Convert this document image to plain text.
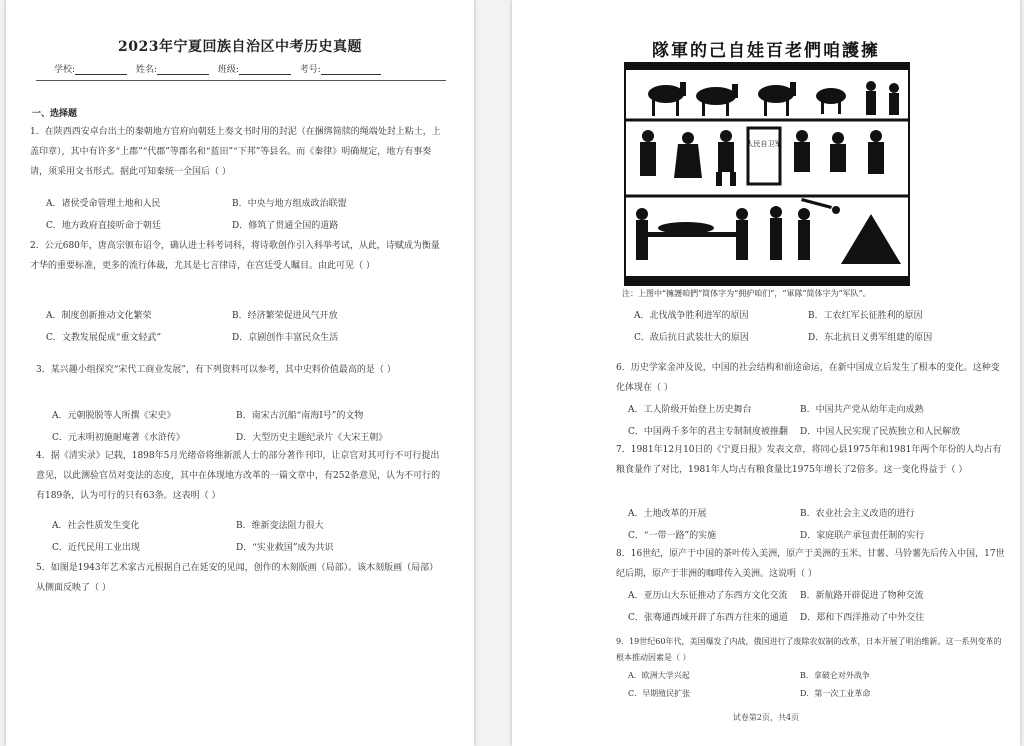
2023年宁夏回族自治区中考历史真题
学校:	姓名:	班级:	考号:
一、选择题
1．在陕西西安卓台出土的秦朝地方官府向朝廷上奏文书时用的封泥（在捆绑简牍的绳端处封上粘土，上盖印章），其中有许多“上郡”“代郡”等郡名和“蓝田”“下邦”等县名。而《秦律》明确规定，地方有事奏请，须采用文书形式。据此可知秦统一全国后（ ）
A．诸侯受命管理土地和人民	B．中央与地方组成政治联盟
C．地方政府直接听命于朝廷	D．修筑了贯通全国的道路
2．公元680年，唐高宗颁布诏令，确认进士科考词科，将诗歌创作引入科举考试，从此，诗赋成为衡量才华的重要标准，更多的流行体裁，尤其是七言律诗，在宫廷受人瞩目。由此可见（ ）
A．制度创新推动文化繁荣	B．经济繁荣促进风气开放
C．文教发展促成“重文轻武”	D．京剧创作丰富民众生活
3．某兴趣小组探究“宋代工商业发展”，有下列资料可以参考，其中史料价值最高的是（ ）
A．元朝脱脱等人所撰《宋史》	B．南宋古沉船“南海I号”的文物
C．元末明初施耐庵著《水浒传》	D．大型历史主题纪录片《大宋王朝》
4．据《清实录》记载，1898年5月光绪帝将维新派人士的部分著作刊印，让京官对其可行不可行提出意见，以此测验官员对变法的态度，其中在体现地方改革的一篇文章中，有252条意见，认为不可行的有189条，认为可行的只有63条。这表明（ ）
A．社会性质发生变化	B．维新变法阻力很大
C．近代民用工业出现	D．“实业救国”成为共识
5．如图是1943年艺术家古元根据自己在延安的见闻，创作的木刻版画（局部）。该木刻版画（局部）从侧面反映了（ ）
隊軍的己自娃百老們咱護擁
人民自卫军
注：上图中“擁護咱們”简体字为“拥护咱们”，“軍隊”简体字为“军队”。
A．北伐战争胜利进军的原因	B．工农红军长征胜利的原因
C．敌后抗日武装壮大的原因	D．东北抗日义勇军组建的原因
6．历史学家金冲及说，中国的社会结构和前途命运，在新中国成立后发生了根本的变化。这种变化体现在（ ）
A．工人阶级开始登上历史舞台	B．中国共产党从幼年走向成熟
C．中国两千多年的君主专制制度被推翻 D．中国人民实现了民族独立和人民解放
7．1981年12月10日的《宁夏日报》发表文章，将同心县1975年和1981年两个年份的人均占有粮食量作了对比，1981年人均占有粮食量比1975年增长了2倍多。这一变化得益于（ ）
A．土地改革的开展	B．农业社会主义改造的进行
C．“一带一路”的实施	D．家庭联产承包责任制的实行
8．16世纪，原产于中国的茶叶传入美洲，原产于美洲的玉米、甘薯、马铃薯先后传入中国，17世纪后期，原产于非洲的咖啡传入美洲。这说明（ ）
A．亚历山大东征推动了东西方文化交流 B．新航路开辟促进了物种交流
C．张骞通西域开辟了东西方往来的通道 D．郑和下西洋推动了中外交往
9．19世纪60年代，美国爆发了内战，俄国进行了废除农奴制的改革，日本开展了明治维新。这一系列变革的根本推动因素是（ ）
A．欧洲大学兴起	B．拿破仑对外战争
C．早期殖民扩张	D．第一次工业革命
试卷第2页，共4页
